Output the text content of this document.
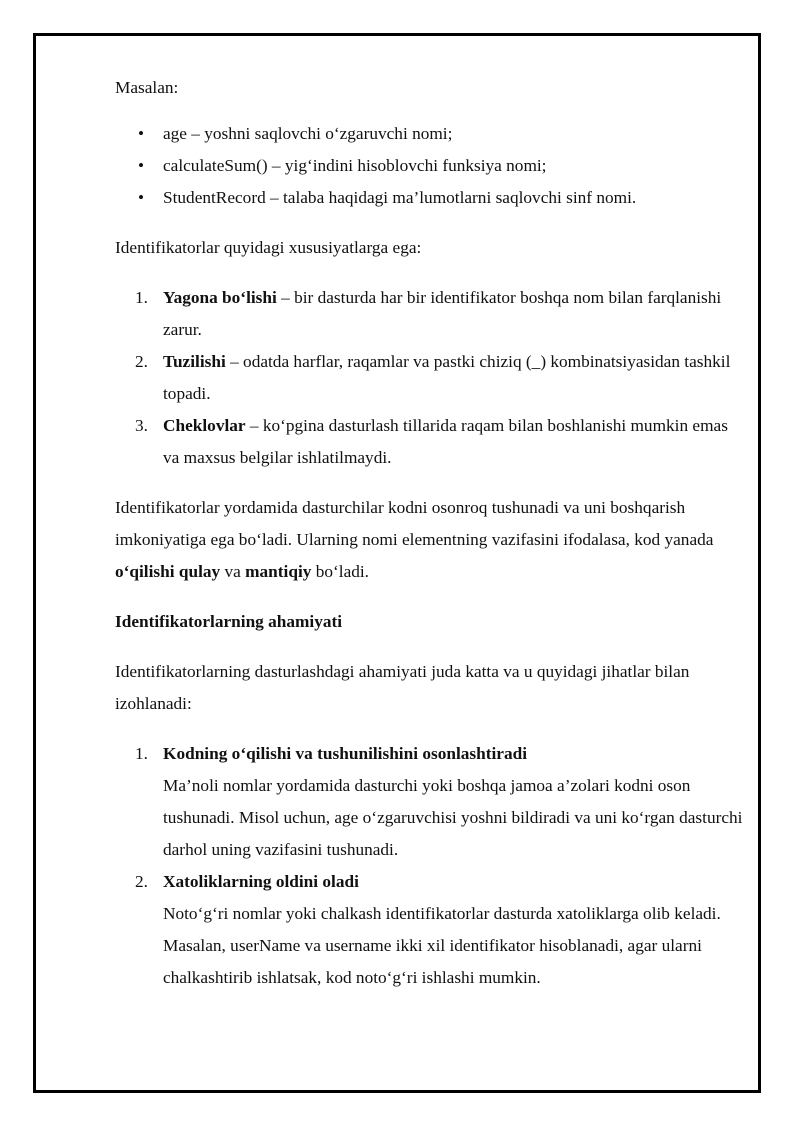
Masalan:

• age – yoshni saqlovchi o‘zgaruvchi nomi;
• calculateSum() – yig‘indini hisoblovchi funksiya nomi;
• StudentRecord – talaba haqidagi ma’lumotlarni saqlovchi sinf nomi.

Identifikatorlar quyidagi xususiyatlarga ega:

1. Yagona bo‘lishi – bir dasturda har bir identifikator boshqa nom bilan farqlanishi zarur.
2. Tuzilishi – odatda harflar, raqamlar va pastki chiziq (_) kombinatsiyasidan tashkil topadi.
3. Cheklovlar – ko‘pgina dasturlash tillarida raqam bilan boshlanishi mumkin emas va maxsus belgilar ishlatilmaydi.

Identifikatorlar yordamida dasturchilar kodni osonroq tushunadi va uni boshqarish imkoniyatiga ega bo‘ladi. Ularning nomi elementning vazifasini ifodalasa, kod yanada o‘qilishi qulay va mantiqiy bo‘ladi.

Identifikatorlarning ahamiyati

Identifikatorlarning dasturlashdagi ahamiyati juda katta va u quyidagi jihatlar bilan izohlanadi:

1. Kodning o‘qilishi va tushunilishini osonlashtiradi
Ma’noli nomlar yordamida dasturchi yoki boshqa jamoa a’zolari kodni oson tushunadi. Misol uchun, age o‘zgaruvchisi yoshni bildiradi va uni ko‘rgan dasturchi darhol uning vazifasini tushunadi.
2. Xatoliklarning oldini oladi
Noto‘g‘ri nomlar yoki chalkash identifikatorlar dasturda xatoliklarga olib keladi. Masalan, userName va username ikki xil identifikator hisoblanadi, agar ularni chalkashtirib ishlatsak, kod noto‘g‘ri ishlashi mumkin.
